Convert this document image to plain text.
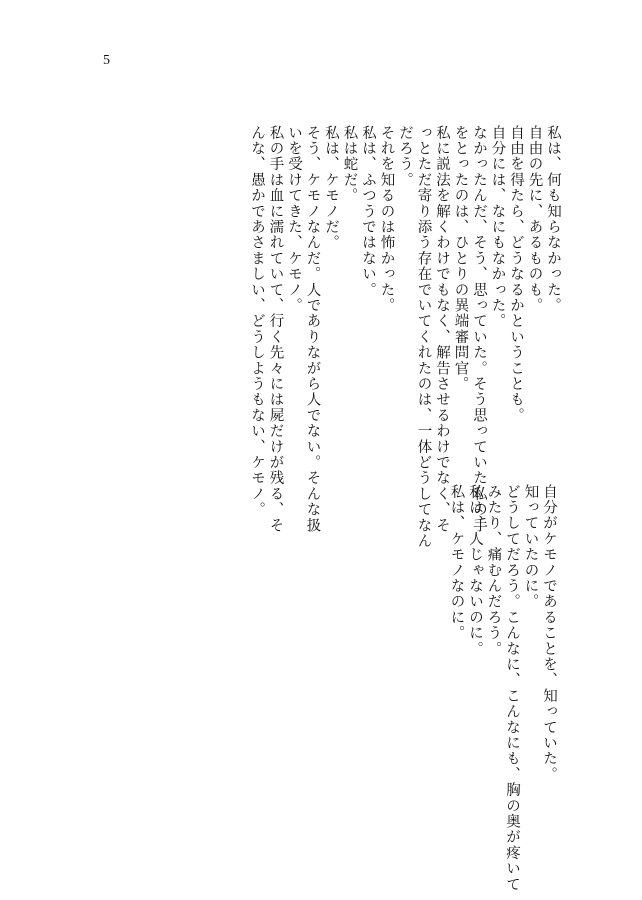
5
私は、何も知らなかった。
自由の先に、あるものも。
自由を得たら、どうなるかということも。
自分には、なにもなかった。
なかったんだ、そう、思っていた。そう思っていた私の手
をとったのは、ひとりの異端審問官。
私に説法を解くわけでもなく、解告させるわけでなく、そ
っとただ寄り添う存在でいてくれたのは、一体どうしてなん
だろう。
それを知るのは怖かった。
私は、ふつうではない。
私は蛇だ。
私は、ケモノだ。
そう、ケモノなんだ。人でありながら人でない。そんな扱
いを受けてきた、ケモノ。
私の手は血に濡れていて、行く先々には屍だけが残る、そ
んな、愚かであさましい、どうしようもない、ケモノ。
自分がケモノであることを、知っていた。
知っていたのに。
どうしてだろう。こんなに、こんなにも、胸の奥が疼いて
みたり、痛むんだろう。
私は、人じゃないのに。
私は、ケモノなのに。
